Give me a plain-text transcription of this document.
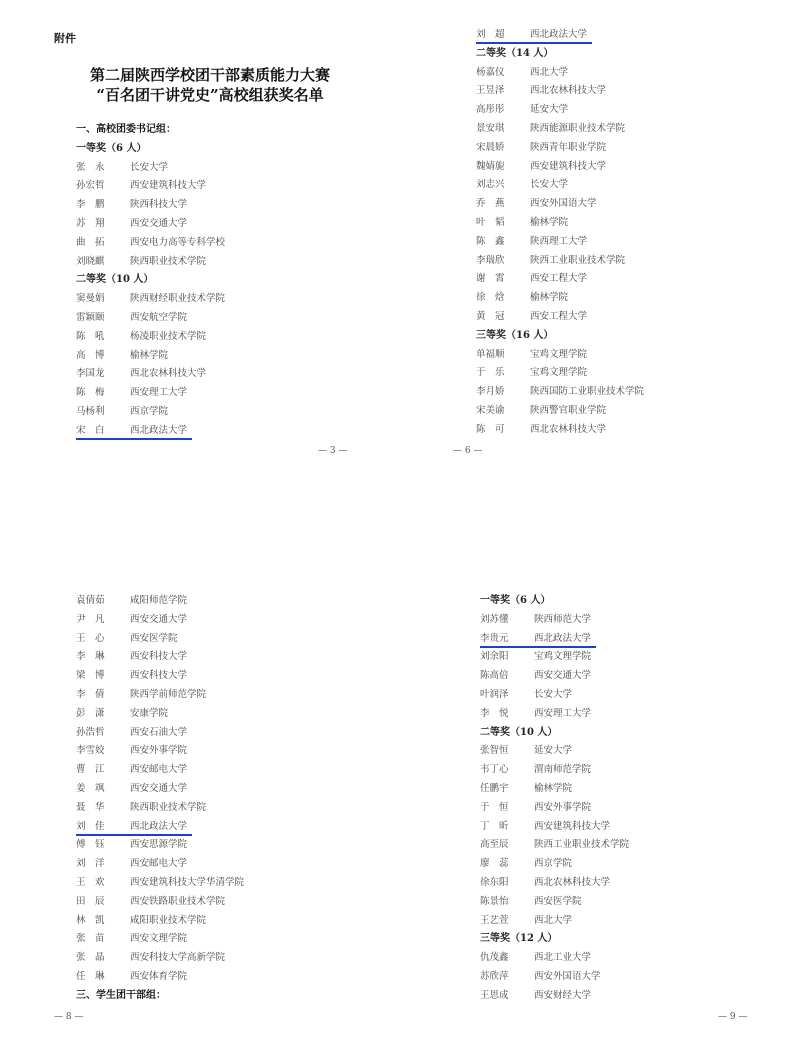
附件
第二届陕西学校团干部素质能力大赛
“百名团干讲党史”高校组获奖名单
一、高校团委书记组：
一等奖（6 人）
张　永	长安大学
孙宏哲	西安建筑科技大学
李　鹏	陕西科技大学
苏　翔	西安交通大学
曲　拓	西安电力高等专科学校
刘晓麒	陕西职业技术学院
二等奖（10 人）
窦曼娟	陕西财经职业技术学院
雷颖颐	西安航空学院
陈　吼	杨凌职业技术学院
高　博	榆林学院
李国龙	西北农林科技大学
陈　梅	西安理工大学
马杨利	西京学院
宋　白	西北政法大学
刘　超	西北政法大学
二等奖（14 人）
杨嘉仪	西北大学
王昱泽	西北农林科技大学
高彤彤	延安大学
景安琪	陕西能源职业技术学院
宋晨娇	陕西青年职业学院
魏婧旎	西安建筑科技大学
刘志兴	长安大学
乔　燕	西安外国语大学
叶　韬	榆林学院
陈　鑫	陕西理工大学
李瑞欣	陕西工业职业技术学院
谢　霄	西安工程大学
徐　焓	榆林学院
黄　冠	西安工程大学
三等奖（16 人）
单福顺	宝鸡文理学院
于　乐	宝鸡文理学院
李月娇	陕西国防工业职业技术学院
宋美谕	陕西警官职业学院
陈　可	西北农林科技大学
袁倩茹	咸阳师范学院
尹　凡	西安交通大学
王　心	西安医学院
李　琳	西安科技大学
梁　博	西安科技大学
李　倩	陕西学前师范学院
彭　潇	安康学院
孙浩哲	西安石油大学
李雪姣	西安外事学院
曹　江	西安邮电大学
姜　飒	西安交通大学
聂　华	陕西职业技术学院
刘　佳	西北政法大学
傅　钰	西安思源学院
刘　洋	西安邮电大学
王　欢	西安建筑科技大学华清学院
田　辰	西安铁路职业技术学院
林　凯	咸阳职业技术学院
张　苗	西安文理学院
张　晶	西安科技大学高新学院
任　琳	西安体育学院
三、学生团干部组：
一等奖（6 人）
刘苏懂	陕西师范大学
李贵元	西北政法大学
刘余阳	宝鸡文理学院
陈高倍	西安交通大学
叶润泽	长安大学
李　悦	西安理工大学
二等奖（10 人）
张智恒	延安大学
韦丁心	渭南师范学院
任鹏宇	榆林学院
于　恒	西安外事学院
丁　昕	西安建筑科技大学
高至辰	陕西工业职业技术学院
廖　蕊	西京学院
徐东阳	西北农林科技大学
陈景怡	西安医学院
王艺萱	西北大学
三等奖（12 人）
仇茂鑫	西北工业大学
苏欣萍	西安外国语大学
王思成	西安财经大学
— 3 —	— 6 —
— 8 —	— 9 —
